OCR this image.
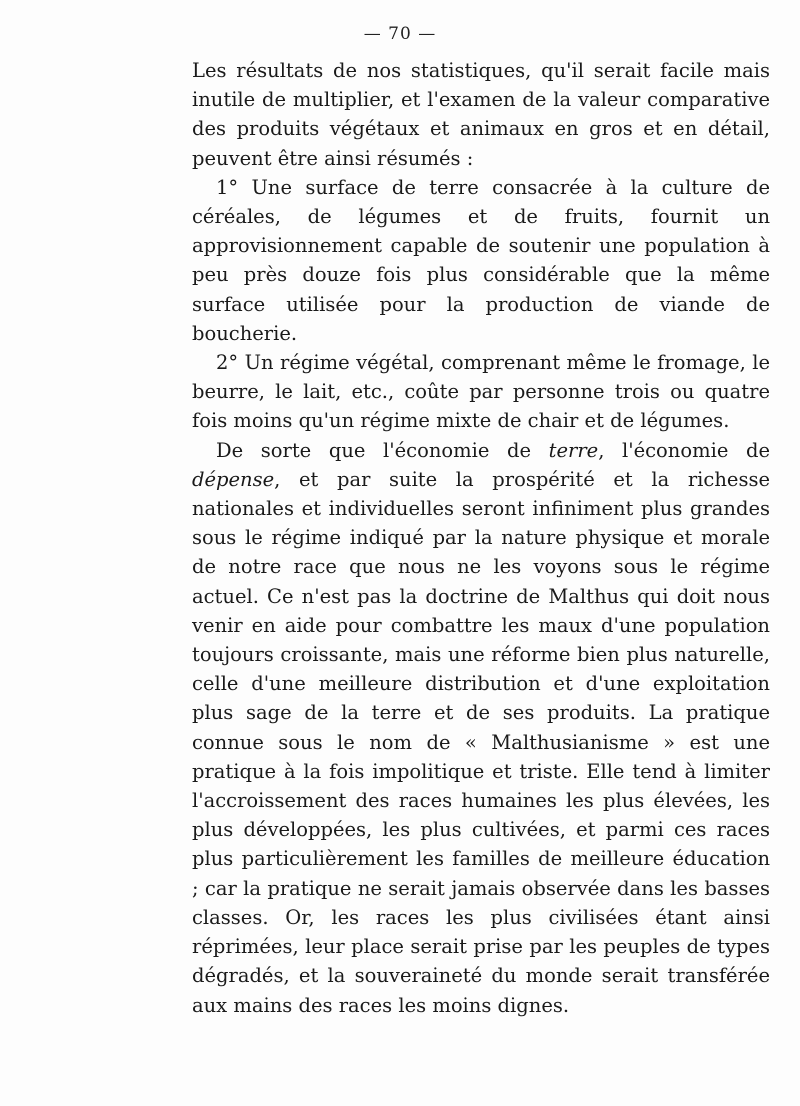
— 70 —

Les résultats de nos statistiques, qu'il serait facile mais inutile de multiplier, et l'examen de la valeur comparative des produits végétaux et animaux en gros et en détail, peuvent être ainsi résumés :

1° Une surface de terre consacrée à la culture de céréales, de légumes et de fruits, fournit un approvisionnement capable de soutenir une population à peu près douze fois plus considérable que la même surface utilisée pour la production de viande de boucherie.

2° Un régime végétal, comprenant même le fromage, le beurre, le lait, etc., coûte par personne trois ou quatre fois moins qu'un régime mixte de chair et de légumes.

De sorte que l'économie de terre, l'économie de dépense, et par suite la prospérité et la richesse nationales et individuelles seront infiniment plus grandes sous le régime indiqué par la nature physique et morale de notre race que nous ne les voyons sous le régime actuel. Ce n'est pas la doctrine de Malthus qui doit nous venir en aide pour combattre les maux d'une population toujours croissante, mais une réforme bien plus naturelle, celle d'une meilleure distribution et d'une exploitation plus sage de la terre et de ses produits. La pratique connue sous le nom de « Malthusianisme » est une pratique à la fois impolitique et triste. Elle tend à limiter l'accroissement des races humaines les plus élevées, les plus développées, les plus cultivées, et parmi ces races plus particulièrement les familles de meilleure éducation ; car la pratique ne serait jamais observée dans les basses classes. Or, les races les plus civilisées étant ainsi réprimées, leur place serait prise par les peuples de types dégradés, et la souveraineté du monde serait transférée aux mains des races les moins dignes.
